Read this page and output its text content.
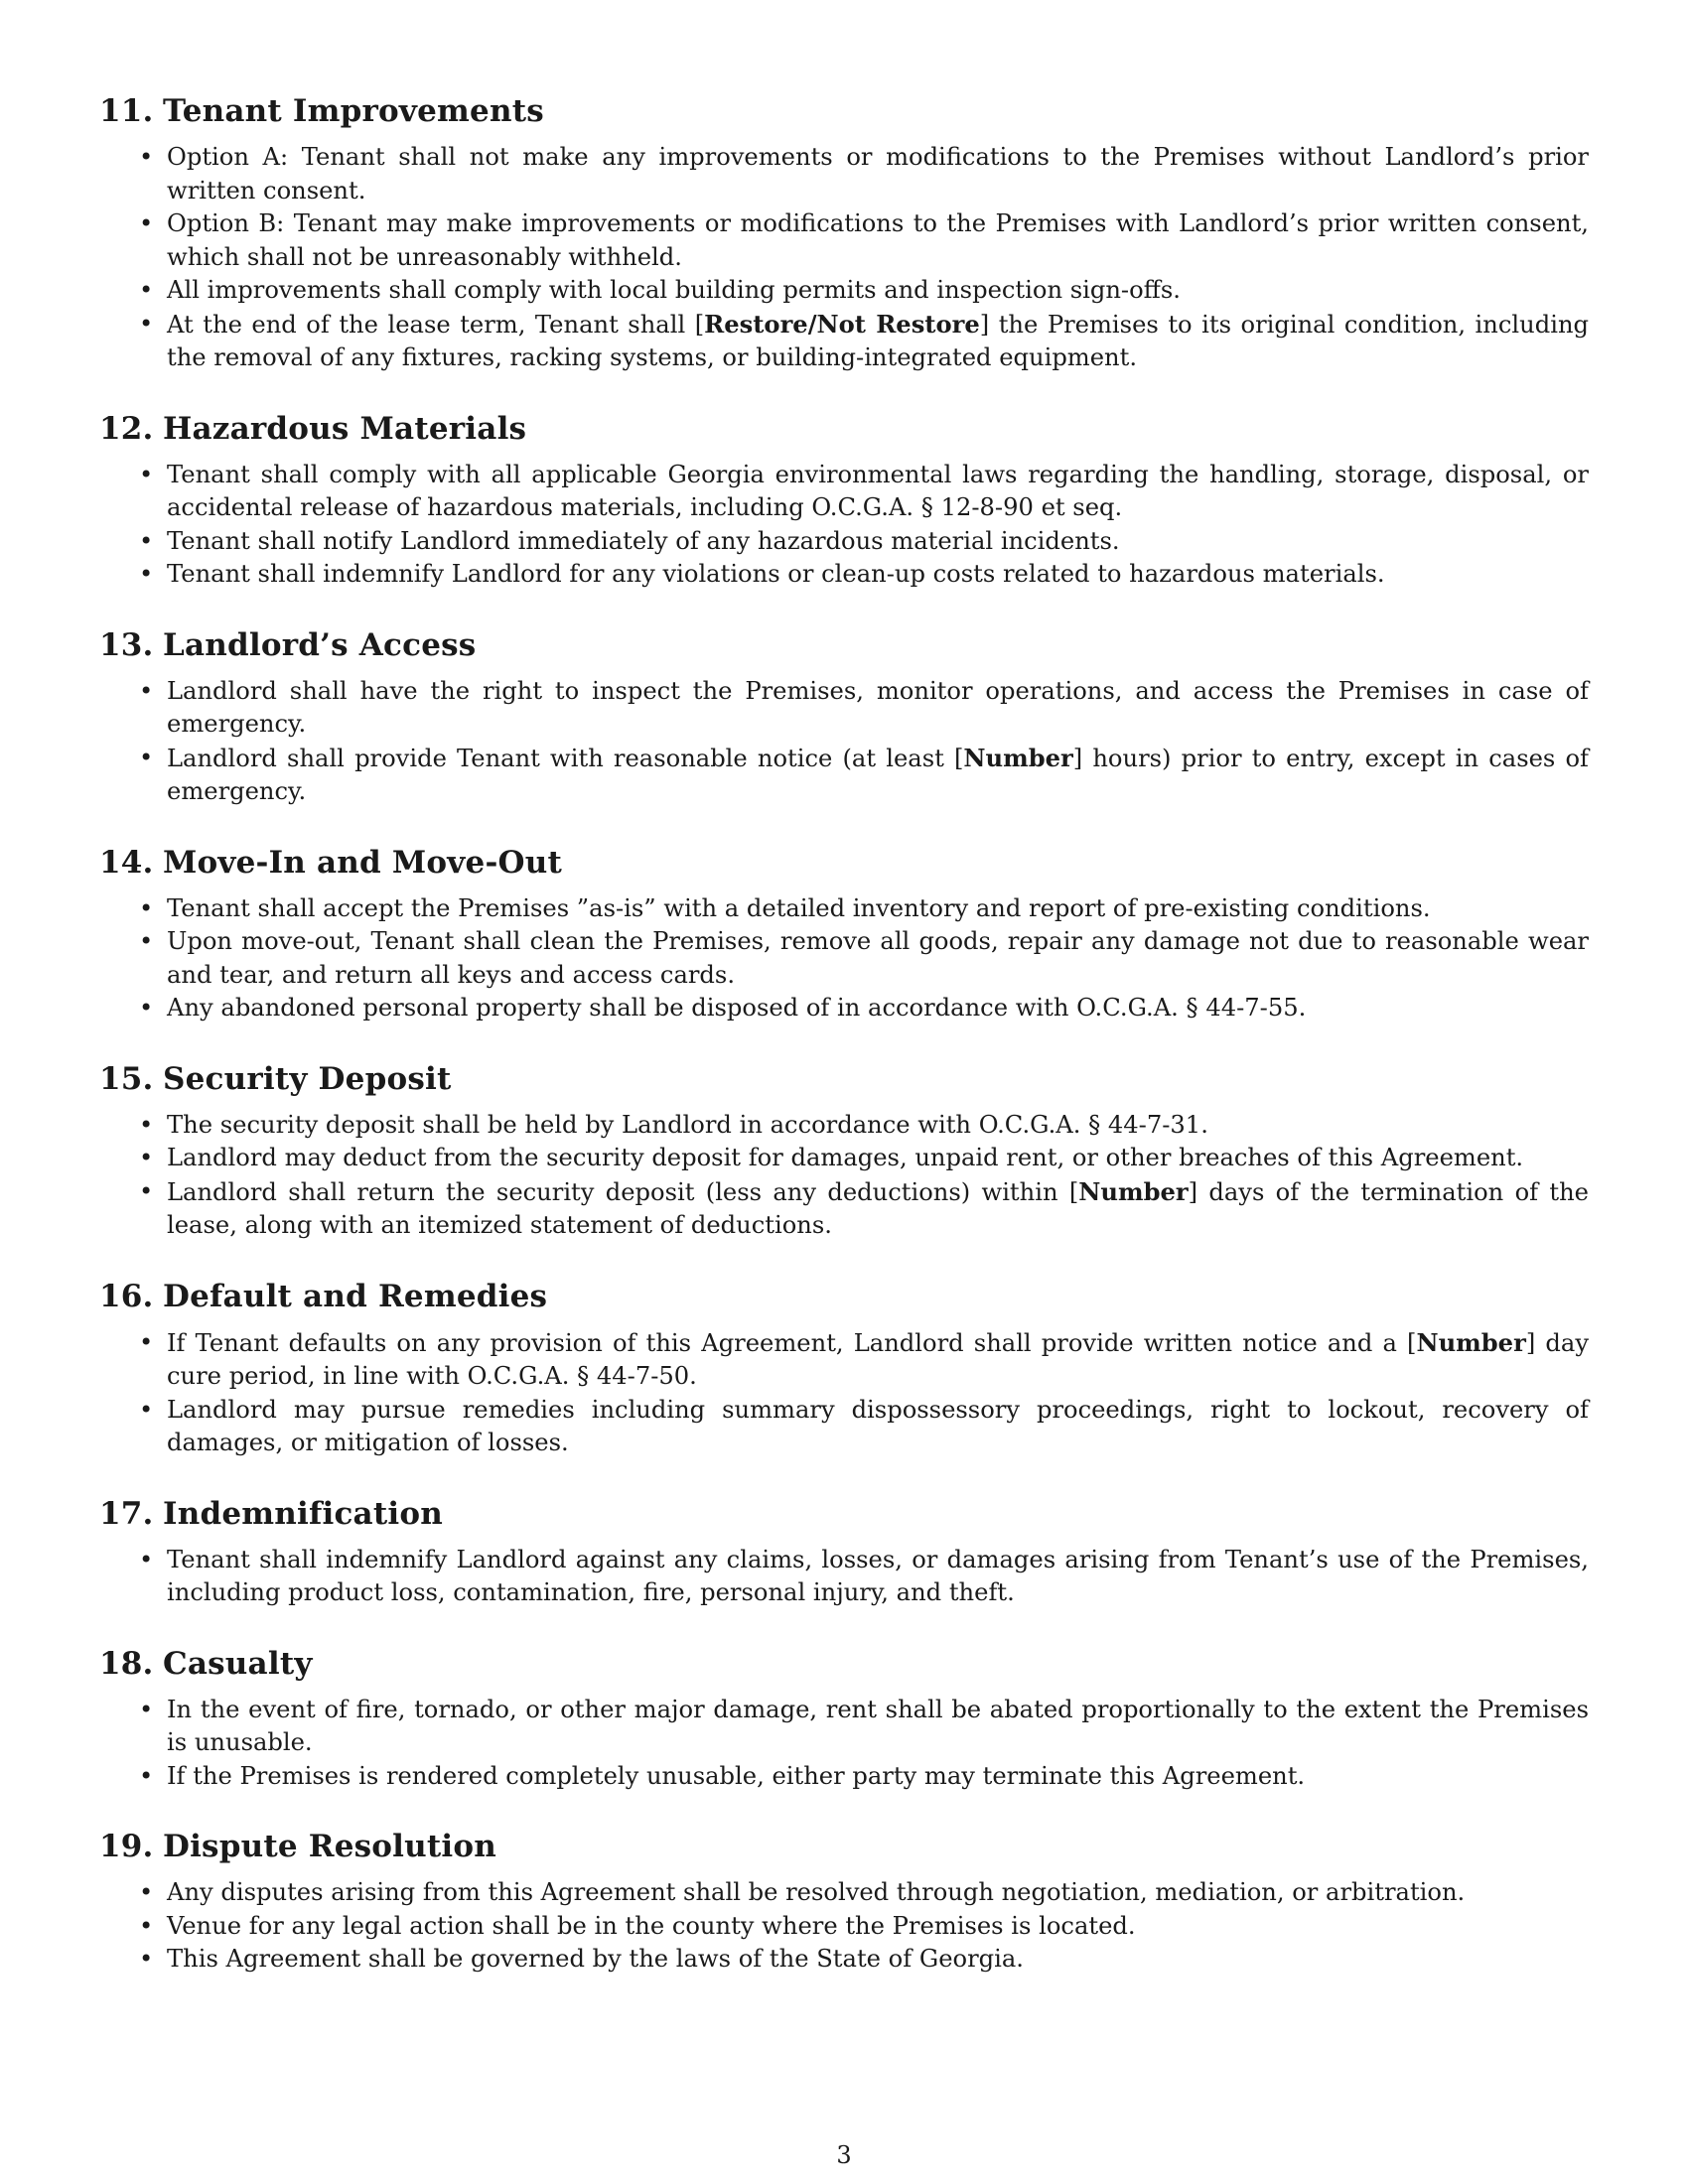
11. Tenant Improvements
• Option A: Tenant shall not make any improvements or modifications to the Premises without Landlord’s prior written consent.
• Option B: Tenant may make improvements or modifications to the Premises with Landlord’s prior written consent, which shall not be unreasonably withheld.
• All improvements shall comply with local building permits and inspection sign-offs.
• At the end of the lease term, Tenant shall [Restore/Not Restore] the Premises to its original condition, including the removal of any fixtures, racking systems, or building-integrated equipment.
12. Hazardous Materials
• Tenant shall comply with all applicable Georgia environmental laws regarding the handling, storage, disposal, or accidental release of hazardous materials, including O.C.G.A. § 12-8-90 et seq.
• Tenant shall notify Landlord immediately of any hazardous material incidents.
• Tenant shall indemnify Landlord for any violations or clean-up costs related to hazardous materials.
13. Landlord’s Access
• Landlord shall have the right to inspect the Premises, monitor operations, and access the Premises in case of emergency.
• Landlord shall provide Tenant with reasonable notice (at least [Number] hours) prior to entry, except in cases of emergency.
14. Move-In and Move-Out
• Tenant shall accept the Premises ”as-is” with a detailed inventory and report of pre-existing conditions.
• Upon move-out, Tenant shall clean the Premises, remove all goods, repair any damage not due to reasonable wear and tear, and return all keys and access cards.
• Any abandoned personal property shall be disposed of in accordance with O.C.G.A. § 44-7-55.
15. Security Deposit
• The security deposit shall be held by Landlord in accordance with O.C.G.A. § 44-7-31.
• Landlord may deduct from the security deposit for damages, unpaid rent, or other breaches of this Agreement.
• Landlord shall return the security deposit (less any deductions) within [Number] days of the termination of the lease, along with an itemized statement of deductions.
16. Default and Remedies
• If Tenant defaults on any provision of this Agreement, Landlord shall provide written notice and a [Number] day cure period, in line with O.C.G.A. § 44-7-50.
• Landlord may pursue remedies including summary dispossessory proceedings, right to lockout, recovery of damages, or mitigation of losses.
17. Indemnification
• Tenant shall indemnify Landlord against any claims, losses, or damages arising from Tenant’s use of the Premises, including product loss, contamination, fire, personal injury, and theft.
18. Casualty
• In the event of fire, tornado, or other major damage, rent shall be abated proportionally to the extent the Premises is unusable.
• If the Premises is rendered completely unusable, either party may terminate this Agreement.
19. Dispute Resolution
• Any disputes arising from this Agreement shall be resolved through negotiation, mediation, or arbitration.
• Venue for any legal action shall be in the county where the Premises is located.
• This Agreement shall be governed by the laws of the State of Georgia.
3
